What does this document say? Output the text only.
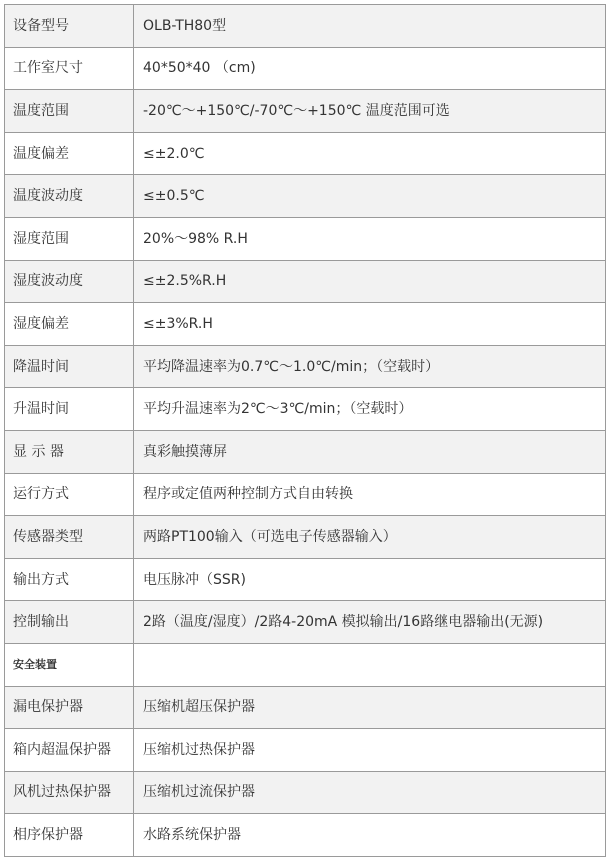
设备型号	OLB-TH80型
工作室尺寸	40*50*40 （cm)
温度范围	-20℃～+150℃/-70℃～+150℃ 温度范围可选
温度偏差	≤±2.0℃
温度波动度	≤±0.5℃
湿度范围	20%～98% R.H
湿度波动度	≤±2.5%R.H
湿度偏差	≤±3%R.H
降温时间	平均降温速率为0.7℃～1.0℃/min；（空载时）
升温时间	平均升温速率为2℃～3℃/min；（空载时）
显 示 器	真彩触摸薄屏
运行方式	程序或定值两种控制方式自由转换
传感器类型	两路PT100输入（可选电子传感器输入）
输出方式	电压脉冲（SSR)
控制输出	2路（温度/湿度）/2路4-20mA 模拟输出/16路继电器输出(无源)
安全装置	
漏电保护器	压缩机超压保护器
箱内超温保护器	压缩机过热保护器
风机过热保护器	压缩机过流保护器
相序保护器	水路系统保护器
